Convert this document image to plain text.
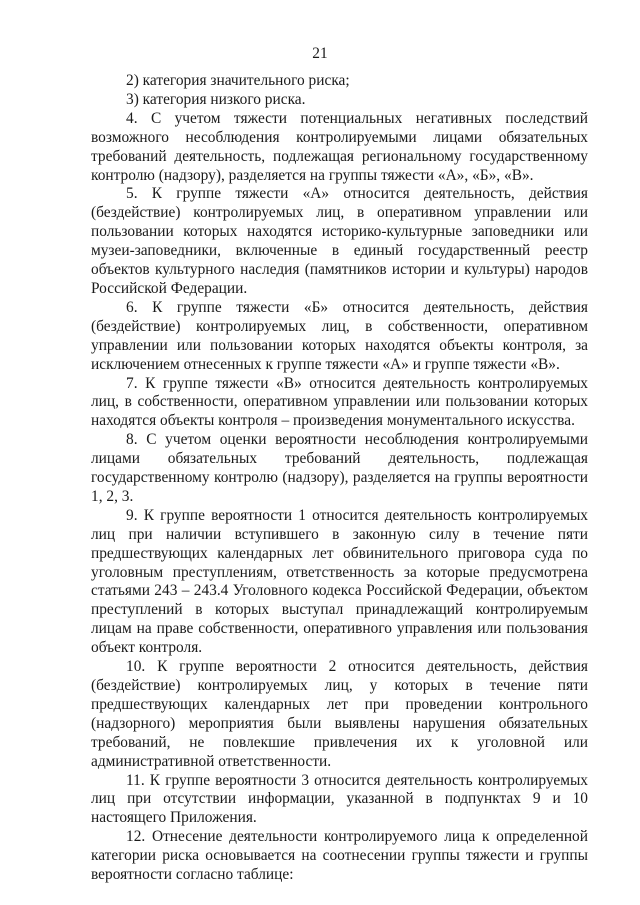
21

2) категория значительного риска;

3) категория низкого риска.

4. С учетом тяжести потенциальных негативных последствий возможного несоблюдения контролируемыми лицами обязательных требований деятельность, подлежащая региональному государственному контролю (надзору), разделяется на группы тяжести «А», «Б», «В».

5. К группе тяжести «А» относится деятельность, действия (бездействие) контролируемых лиц, в оперативном управлении или пользовании которых находятся историко-культурные заповедники или музеи-заповедники, включенные в единый государственный реестр объектов культурного наследия (памятников истории и культуры) народов Российской Федерации.

6. К группе тяжести «Б» относится деятельность, действия (бездействие) контролируемых лиц, в собственности, оперативном управлении или пользовании которых находятся объекты контроля, за исключением отнесенных к группе тяжести «А» и группе тяжести «В».

7. К группе тяжести «В» относится деятельность контролируемых лиц, в собственности, оперативном управлении или пользовании которых находятся объекты контроля – произведения монументального искусства.

8. С учетом оценки вероятности несоблюдения контролируемыми лицами обязательных требований деятельность, подлежащая государственному контролю (надзору), разделяется на группы вероятности 1, 2, 3.

9. К группе вероятности 1 относится деятельность контролируемых лиц при наличии вступившего в законную силу в течение пяти предшествующих календарных лет обвинительного приговора суда по уголовным преступлениям, ответственность за которые предусмотрена статьями 243 – 243.4 Уголовного кодекса Российской Федерации, объектом преступлений в которых выступал принадлежащий контролируемым лицам на праве собственности, оперативного управления или пользования объект контроля.

10. К группе вероятности 2 относится деятельность, действия (бездействие) контролируемых лиц, у которых в течение пяти предшествующих календарных лет при проведении контрольного (надзорного) мероприятия были выявлены нарушения обязательных требований, не повлекшие привлечения их к уголовной или административной ответственности.

11. К группе вероятности 3 относится деятельность контролируемых лиц при отсутствии информации, указанной в подпунктах 9 и 10 настоящего Приложения.

12. Отнесение деятельности контролируемого лица к определенной категории риска основывается на соотнесении группы тяжести и группы вероятности согласно таблице:
